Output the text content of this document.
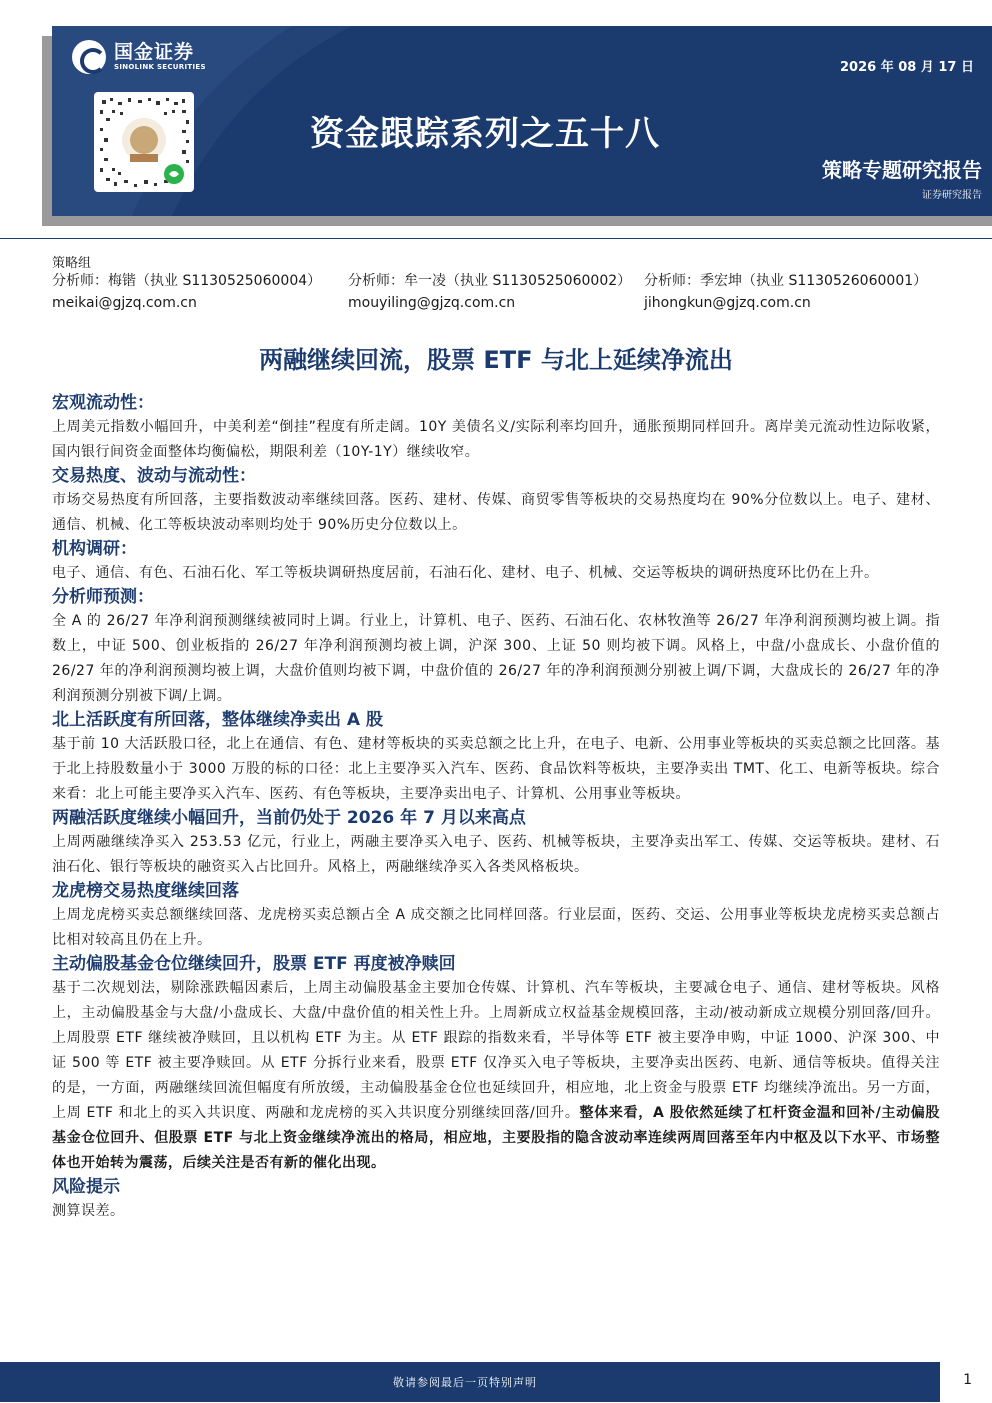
国金证券
SINOLINK SECURITIES	2026 年 08 月 17 日
资金跟踪系列之五十八
策略专题研究报告
证券研究报告
策略组
分析师：梅锴（执业 S1130525060004）
meikai@gjzq.com.cn
分析师：牟一凌（执业 S1130525060002）
mouyiling@gjzq.com.cn
分析师：季宏坤（执业 S1130526060001）
jihongkun@gjzq.com.cn
两融继续回流，股票 ETF 与北上延续净流出
宏观流动性：
上周美元指数小幅回升，中美利差“倒挂”程度有所走阔。10Y 美债名义/实际利率均回升，通胀预期同样回升。离岸美元流动性边际收紧，国内银行间资金面整体均衡偏松，期限利差（10Y-1Y）继续收窄。
交易热度、波动与流动性：
市场交易热度有所回落，主要指数波动率继续回落。医药、建材、传媒、商贸零售等板块的交易热度均在 90%分位数以上。电子、建材、通信、机械、化工等板块波动率则均处于 90%历史分位数以上。
机构调研：
电子、通信、有色、石油石化、军工等板块调研热度居前，石油石化、建材、电子、机械、交运等板块的调研热度环比仍在上升。
分析师预测：
全 A 的 26/27 年净利润预测继续被同时上调。行业上，计算机、电子、医药、石油石化、农林牧渔等 26/27 年净利润预测均被上调。指数上，中证 500、创业板指的 26/27 年净利润预测均被上调，沪深 300、上证 50 则均被下调。风格上，中盘/小盘成长、小盘价值的 26/27 年的净利润预测均被上调，大盘价值则均被下调，中盘价值的 26/27 年的净利润预测分别被上调/下调，大盘成长的 26/27 年的净利润预测分别被下调/上调。
北上活跃度有所回落，整体继续净卖出 A 股
基于前 10 大活跃股口径，北上在通信、有色、建材等板块的买卖总额之比上升，在电子、电新、公用事业等板块的买卖总额之比回落。基于北上持股数量小于 3000 万股的标的口径：北上主要净买入汽车、医药、食品饮料等板块，主要净卖出 TMT、化工、电新等板块。综合来看：北上可能主要净买入汽车、医药、有色等板块，主要净卖出电子、计算机、公用事业等板块。
两融活跃度继续小幅回升，当前仍处于 2026 年 7 月以来高点
上周两融继续净买入 253.53 亿元，行业上，两融主要净买入电子、医药、机械等板块，主要净卖出军工、传媒、交运等板块。建材、石油石化、银行等板块的融资买入占比回升。风格上，两融继续净买入各类风格板块。
龙虎榜交易热度继续回落
上周龙虎榜买卖总额继续回落、龙虎榜买卖总额占全 A 成交额之比同样回落。行业层面，医药、交运、公用事业等板块龙虎榜买卖总额占比相对较高且仍在上升。
主动偏股基金仓位继续回升，股票 ETF 再度被净赎回
基于二次规划法，剔除涨跌幅因素后，上周主动偏股基金主要加仓传媒、计算机、汽车等板块，主要减仓电子、通信、建材等板块。风格上，主动偏股基金与大盘/小盘成长、大盘/中盘价值的相关性上升。上周新成立权益基金规模回落，主动/被动新成立规模分别回落/回升。上周股票 ETF 继续被净赎回，且以机构 ETF 为主。从 ETF 跟踪的指数来看，半导体等 ETF 被主要净申购，中证 1000、沪深 300、中证 500 等 ETF 被主要净赎回。从 ETF 分拆行业来看，股票 ETF 仅净买入电子等板块，主要净卖出医药、电新、通信等板块。值得关注的是，一方面，两融继续回流但幅度有所放缓，主动偏股基金仓位也延续回升，相应地，北上资金与股票 ETF 均继续净流出。另一方面，上周 ETF 和北上的买入共识度、两融和龙虎榜的买入共识度分别继续回落/回升。整体来看，A 股依然延续了杠杆资金温和回补/主动偏股基金仓位回升、但股票 ETF 与北上资金继续净流出的格局，相应地，主要股指的隐含波动率连续两周回落至年内中枢及以下水平、市场整体也开始转为震荡，后续关注是否有新的催化出现。
风险提示
测算误差。
敬请参阅最后一页特别声明	1
